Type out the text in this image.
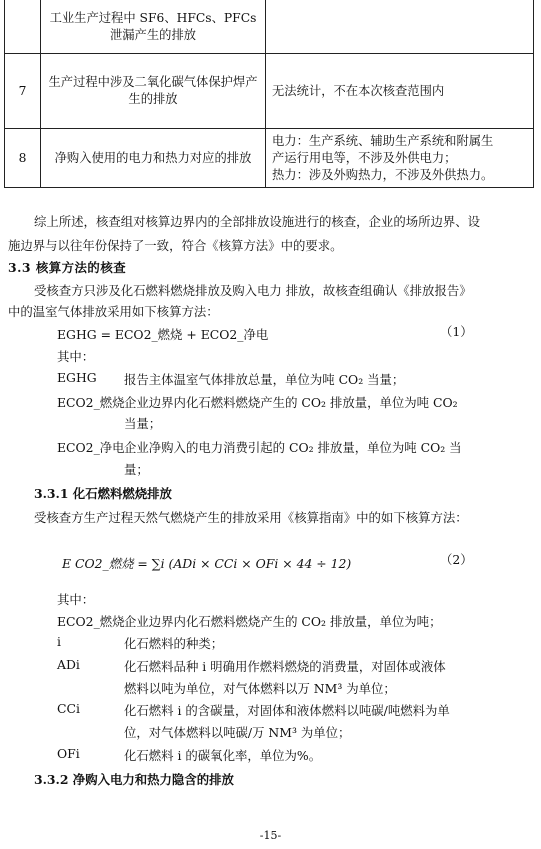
	工业生产过程中 SF6、HFCs、PFCs 泄漏产生的排放	
7	生产过程中涉及二氧化碳气体保护焊产生的排放	无法统计，不在本次核查范围内
8	净购入使用的电力和热力对应的排放	电力：生产系统、辅助生产系统和附属生
产运行用电等，不涉及外供电力；
热力：涉及外购热力，不涉及外供热力。
综上所述，核查组对核算边界内的全部排放设施进行的核查，企业的场所边界、设
施边界与以往年份保持了一致，符合《核算方法》中的要求。
3.3 核算方法的核查
受核查方只涉及化石燃料燃烧排放及购入电力 排放，故核查组确认《排放报告》
中的温室气体排放采用如下核算方法：
EGHG = ECO2_燃烧 + ECO2_净电	（1）
其中：
EGHG 报告主体温室气体排放总量，单位为吨 CO₂ 当量；
ECO2_燃烧 企业边界内化石燃料燃烧产生的 CO₂ 排放量，单位为吨 CO₂
当量；
ECO2_净电 企业净购入的电力消费引起的 CO₂ 排放量，单位为吨 CO₂ 当
量；
3.3.1 化石燃料燃烧排放
受核查方生产过程天然气燃烧产生的排放采用《核算指南》中的如下核算方法：
E CO2_燃烧 = ∑i (ADi × CCi × OFi × 44 ÷ 12)	（2）
其中：
ECO2_燃烧 企业边界内化石燃料燃烧产生的 CO₂ 排放量，单位为吨；
i	化石燃料的种类；
ADi	化石燃料品种 i 明确用作燃料燃烧的消费量，对固体或液体
燃料以吨为单位，对气体燃料以万 NM³ 为单位；
CCi	化石燃料 i 的含碳量，对固体和液体燃料以吨碳/吨燃料为单
位，对气体燃料以吨碳/万 NM³ 为单位；
OFi	化石燃料 i 的碳氧化率，单位为%。
3.3.2 净购入电力和热力隐含的排放
-15-
